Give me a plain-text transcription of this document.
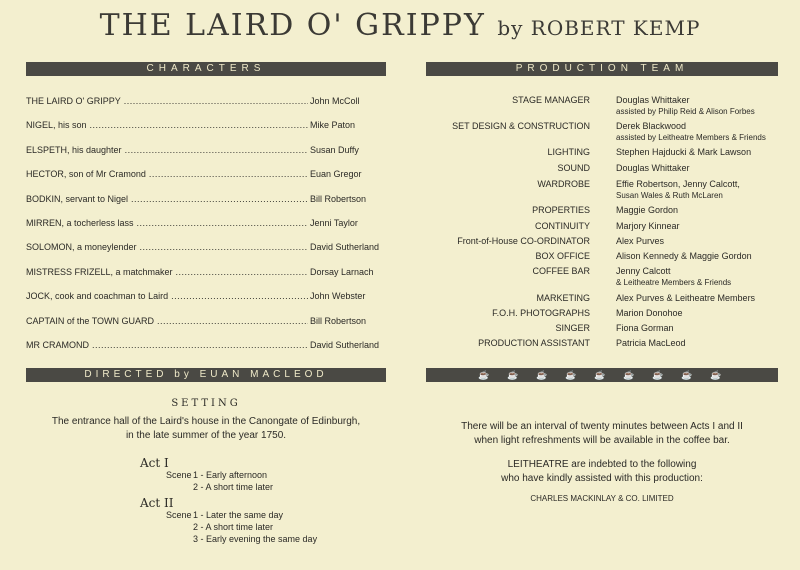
THE LAIRD O' GRIPPY by ROBERT KEMP
CHARACTERS	PRODUCTION TEAM
THE LAIRD O' GRIPPY .....	John McColl
NIGEL, his son .....	Mike Paton
ELSPETH, his daughter .....	Susan Duffy
HECTOR, son of Mr Cramond .....	Euan Gregor
BODKIN, servant to Nigel .....	Bill Robertson
MIRREN, a tocherless lass .....	Jenni Taylor
SOLOMON, a moneylender .....	David Sutherland
MISTRESS FRIZELL, a matchmaker .....	Dorsay Larnach
JOCK, cook and coachman to Laird .....	John Webster
CAPTAIN of the TOWN GUARD .....	Bill Robertson
MR CRAMOND .....	David Sutherland
STAGE MANAGER	Douglas Whittaker
assisted by Philip Reid & Alison Forbes
SET DESIGN & CONSTRUCTION	Derek Blackwood
assisted by Leitheatre Members & Friends
LIGHTING	Stephen Hajducki & Mark Lawson
SOUND	Douglas Whittaker
WARDROBE	Effie Robertson, Jenny Calcott,
Susan Wales & Ruth McLaren
PROPERTIES	Maggie Gordon
CONTINUITY	Marjory Kinnear
Front-of-House CO-ORDINATOR	Alex Purves
BOX OFFICE	Alison Kennedy & Maggie Gordon
COFFEE BAR	Jenny Calcott
& Leitheatre Members & Friends
MARKETING	Alex Purves & Leitheatre Members
F.O.H. PHOTOGRAPHS	Marion Donohoe
SINGER	Fiona Gorman
PRODUCTION ASSISTANT	Patricia MacLeod
DIRECTED by EUAN MACLEOD	☕ ☕ ☕ ☕ ☕ ☕ ☕ ☕ ☕
SETTING

The entrance hall of the Laird's house in the Canongate of Edinburgh,

in the late summer of the year 1750.

Act I
Scene 1 - Early afternoon
2 - A short time later
Act II
Scene 1 - Later the same day
2 - A short time later
3 - Early evening the same day
There will be an interval of twenty minutes between Acts I and II
when light refreshments will be available in the coffee bar.
LEITHEATRE are indebted to the following
who have kindly assisted with this production:
CHARLES MACKINLAY & CO. LIMITED
